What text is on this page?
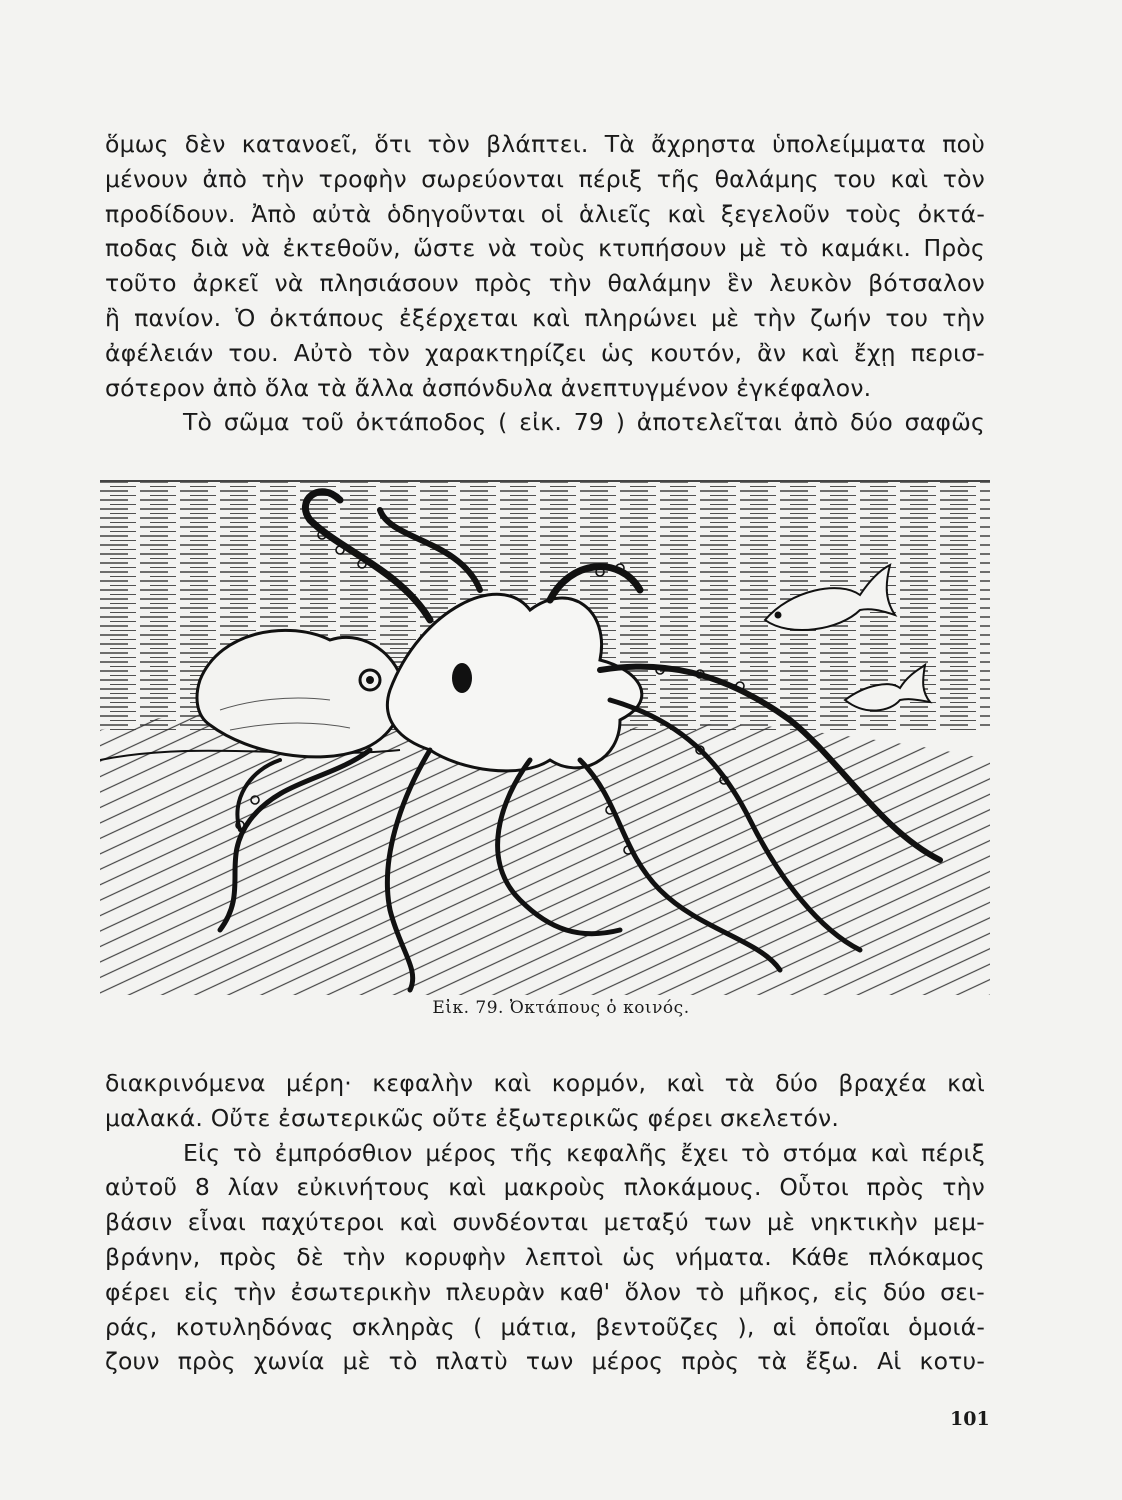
ὅμως δὲν κατανοεῖ, ὅτι τὸν βλάπτει. Τὰ ἄχρηστα ὑπολείμματα ποὺ
μένουν ἀπὸ τὴν τροφὴν σωρεύονται πέριξ τῆς θαλάμης του καὶ τὸν
προδίδουν. Ἀπὸ αὐτὰ ὁδηγοῦνται οἱ ἁλιεῖς καὶ ξεγελοῦν τοὺς ὀκτά-
ποδας διὰ νὰ ἐκτεθοῦν, ὥστε νὰ τοὺς κτυπήσουν μὲ τὸ καμάκι. Πρὸς
τοῦτο ἀρκεῖ νὰ πλησιάσουν πρὸς τὴν θαλάμην ἓν λευκὸν βότσαλον
ἢ πανίον. Ὁ ὀκτάπους ἐξέρχεται καὶ πληρώνει μὲ τὴν ζωήν του τὴν
ἀφέλειάν του. Αὐτὸ τὸν χαρακτηρίζει ὡς κουτόν, ἂν καὶ ἔχῃ περισ-
σότερον ἀπὸ ὅλα τὰ ἄλλα ἀσπόνδυλα ἀνεπτυγμένον ἐγκέφαλον.
Τὸ σῶμα τοῦ ὀκτάποδος ( εἰκ. 79 ) ἀποτελεῖται ἀπὸ δύο σαφῶς
Εἰκ. 79. Ὀκτάπους ὁ κοινός.
διακρινόμενα μέρη· κεφαλὴν καὶ κορμόν, καὶ τὰ δύο βραχέα καὶ
μαλακά. Οὔτε ἐσωτερικῶς οὔτε ἐξωτερικῶς φέρει σκελετόν.
Εἰς τὸ ἐμπρόσθιον μέρος τῆς κεφαλῆς ἔχει τὸ στόμα καὶ πέριξ
αὐτοῦ 8 λίαν εὐκινήτους καὶ μακροὺς πλοκάμους. Οὗτοι πρὸς τὴν
βάσιν εἶναι παχύτεροι καὶ συνδέονται μεταξύ των μὲ νηκτικὴν μεμ-
βράνην, πρὸς δὲ τὴν κορυφὴν λεπτοὶ ὡς νήματα. Κάθε πλόκαμος
φέρει εἰς τὴν ἐσωτερικὴν πλευρὰν καθ' ὅλον τὸ μῆκος, εἰς δύο σει-
ράς, κοτυληδόνας σκληρὰς ( μάτια, βεντοῦζες ), αἱ ὁποῖαι ὁμοιά-
ζουν πρὸς χωνία μὲ τὸ πλατὺ των μέρος πρὸς τὰ ἔξω. Αἱ κοτυ-
101
